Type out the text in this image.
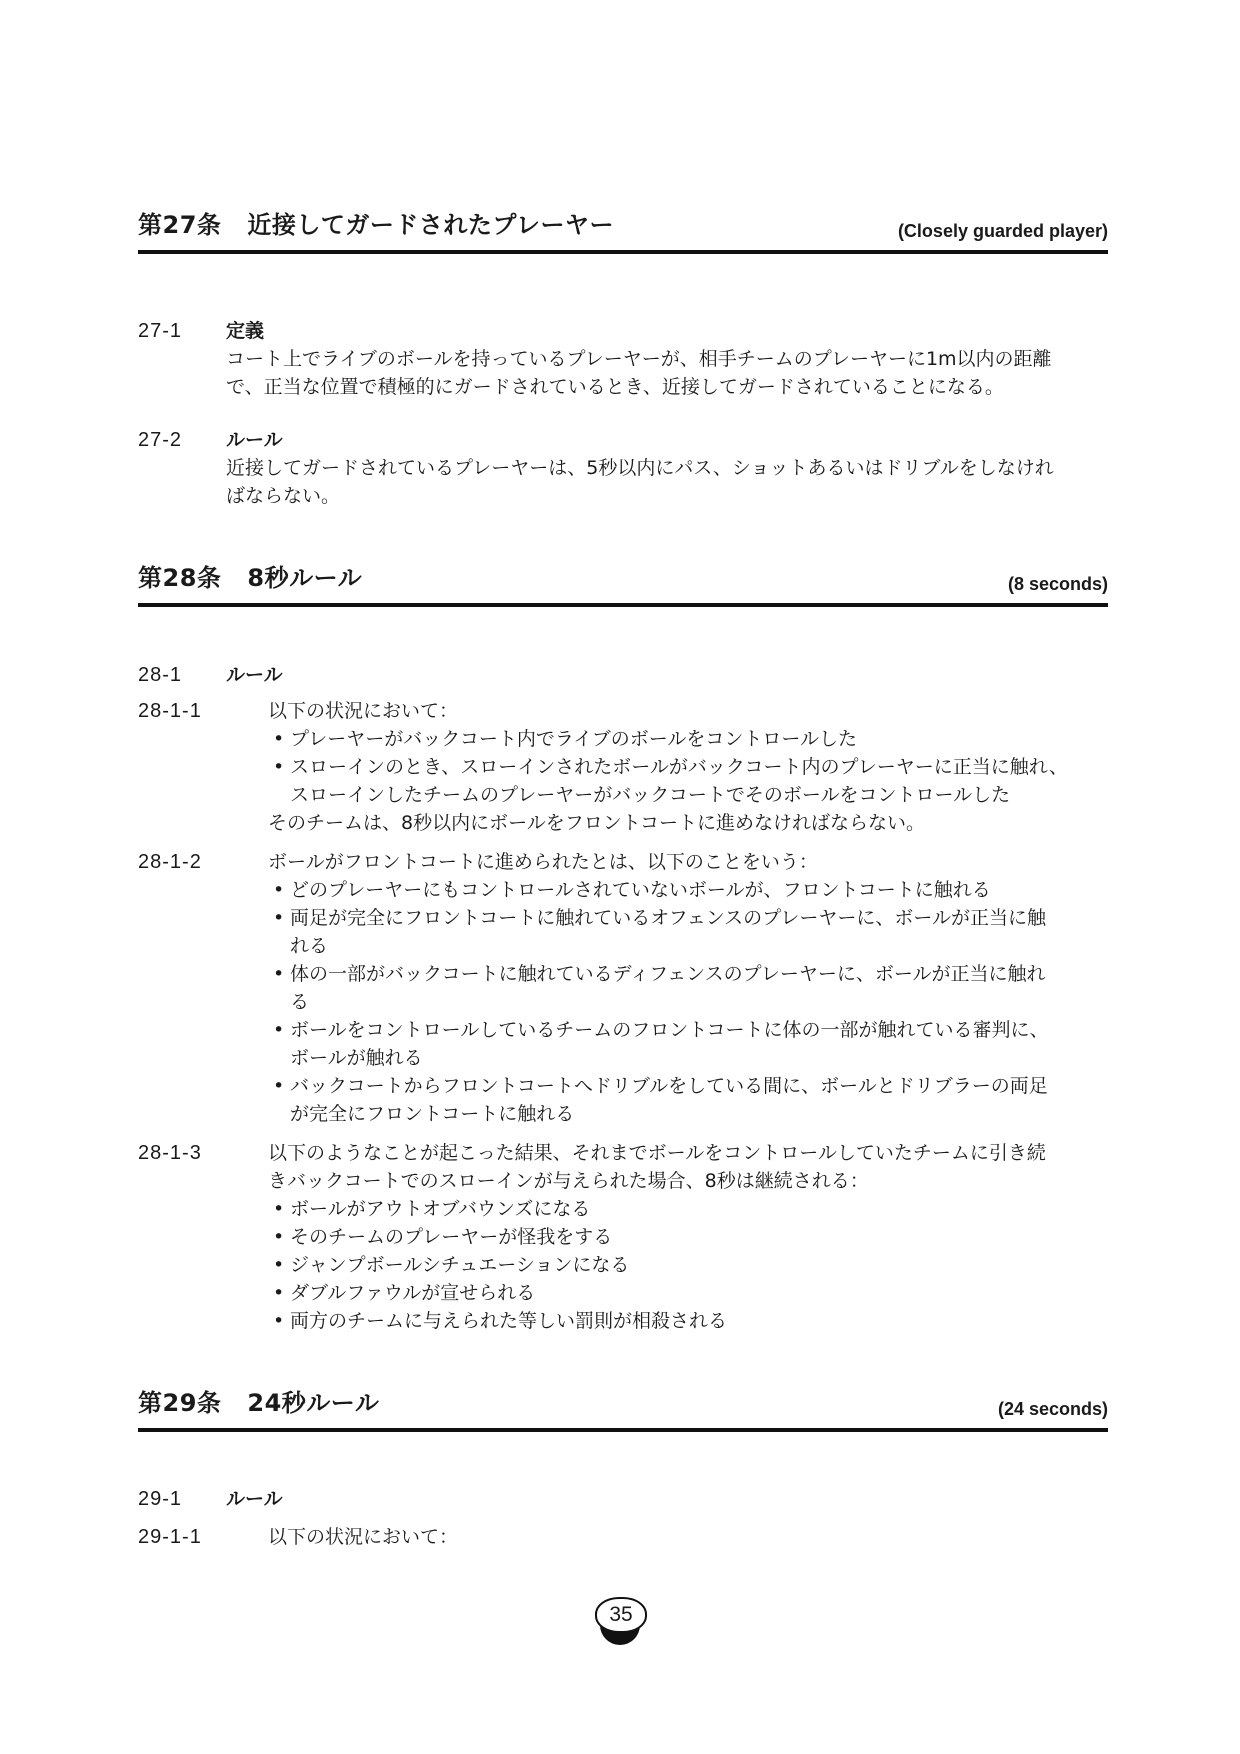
第27条 近接してガードされたプレーヤー	(Closely guarded player)
27-1 定義
コート上でライブのボールを持っているプレーヤーが、相手チームのプレーヤーに1m以内の距離
で、正当な位置で積極的にガードされているとき、近接してガードされていることになる。
27-2 ルール
近接してガードされているプレーヤーは、5秒以内にパス、ショットあるいはドリブルをしなけれ
ばならない。
第28条 8秒ルール	(8 seconds)
28-1 ルール
28-1-1	以下の状況において：
• プレーヤーがバックコート内でライブのボールをコントロールした
• スローインのとき、スローインされたボールがバックコート内のプレーヤーに正当に触れ、
スローインしたチームのプレーヤーがバックコートでそのボールをコントロールした
そのチームは、8秒以内にボールをフロントコートに進めなければならない。
28-1-2	ボールがフロントコートに進められたとは、以下のことをいう：
• どのプレーヤーにもコントロールされていないボールが、フロントコートに触れる
• 両足が完全にフロントコートに触れているオフェンスのプレーヤーに、ボールが正当に触
れる
• 体の一部がバックコートに触れているディフェンスのプレーヤーに、ボールが正当に触れ
る
• ボールをコントロールしているチームのフロントコートに体の一部が触れている審判に、
ボールが触れる
• バックコートからフロントコートへドリブルをしている間に、ボールとドリブラーの両足
が完全にフロントコートに触れる
28-1-3	以下のようなことが起こった結果、それまでボールをコントロールしていたチームに引き続
きバックコートでのスローインが与えられた場合、8秒は継続される：
• ボールがアウトオブバウンズになる
• そのチームのプレーヤーが怪我をする
• ジャンプボールシチュエーションになる
• ダブルファウルが宣せられる
• 両方のチームに与えられた等しい罰則が相殺される
第29条 24秒ルール	(24 seconds)
29-1 ルール
29-1-1	以下の状況において：
35
